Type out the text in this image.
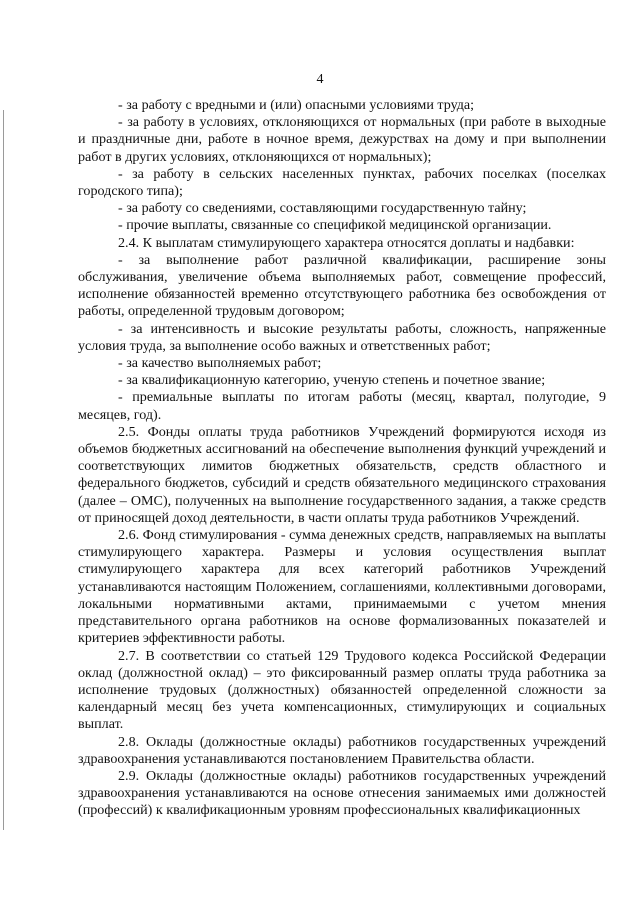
4

- за работу с вредными и (или) опасными условиями труда;

- за работу в условиях, отклоняющихся от нормальных (при работе в выходные и праздничные дни, работе в ночное время, дежурствах на дому и при выполнении работ в других условиях, отклоняющихся от нормальных);

- за работу в сельских населенных пунктах, рабочих поселках (поселках городского типа);

- за работу со сведениями, составляющими государственную тайну;

- прочие выплаты, связанные со спецификой медицинской организации.

2.4. К выплатам стимулирующего характера относятся доплаты и надбавки:

- за выполнение работ различной квалификации, расширение зоны обслуживания, увеличение объема выполняемых работ, совмещение профессий, исполнение обязанностей временно отсутствующего работника без освобождения от работы, определенной трудовым договором;

- за интенсивность и высокие результаты работы, сложность, напряженные условия труда, за выполнение особо важных и ответственных работ;

- за качество выполняемых работ;

- за квалификационную категорию, ученую степень и почетное звание;

- премиальные выплаты по итогам работы (месяц, квартал, полугодие, 9 месяцев, год).

2.5. Фонды оплаты труда работников Учреждений формируются исходя из объемов бюджетных ассигнований на обеспечение выполнения функций учреждений и соответствующих лимитов бюджетных обязательств, средств областного и федерального бюджетов, субсидий и средств обязательного медицинского страхования (далее – ОМС), полученных на выполнение государственного задания, а также средств от приносящей доход деятельности, в части оплаты труда работников Учреждений.

2.6. Фонд стимулирования - сумма денежных средств, направляемых на выплаты стимулирующего характера. Размеры и условия осуществления выплат стимулирующего характера для всех категорий работников Учреждений устанавливаются настоящим Положением, соглашениями, коллективными договорами, локальными нормативными актами, принимаемыми с учетом мнения представительного органа работников на основе формализованных показателей и критериев эффективности работы.

2.7. В соответствии со статьей 129 Трудового кодекса Российской Федерации оклад (должностной оклад) – это фиксированный размер оплаты труда работника за исполнение трудовых (должностных) обязанностей определенной сложности за календарный месяц без учета компенсационных, стимулирующих и социальных выплат.

2.8. Оклады (должностные оклады) работников государственных учреждений здравоохранения устанавливаются постановлением Правительства области.

2.9. Оклады (должностные оклады) работников государственных учреждений здравоохранения устанавливаются на основе отнесения занимаемых ими должностей (профессий) к квалификационным уровням профессиональных квалификационных
